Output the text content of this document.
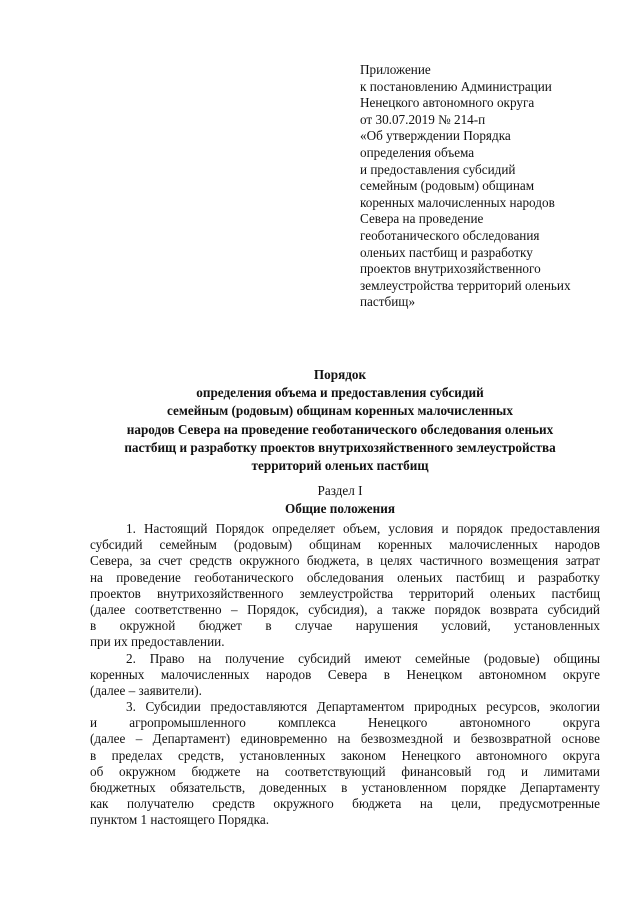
Приложение
к постановлению Администрации
Ненецкого автономного округа
от 30.07.2019 № 214-п
«Об утверждении Порядка
определения объема
и предоставления субсидий
семейным (родовым) общинам
коренных малочисленных народов
Севера на проведение
геоботанического обследования
оленьих пастбищ и разработку
проектов внутрихозяйственного
землеустройства территорий оленьих
пастбищ»
Порядок
определения объема и предоставления субсидий
семейным (родовым) общинам коренных малочисленных
народов Севера на проведение геоботанического обследования оленьих
пастбищ и разработку проектов внутрихозяйственного землеустройства
территорий оленьих пастбищ
Раздел I
Общие положения
1. Настоящий Порядок определяет объем, условия и порядок предоставления
субсидий семейным (родовым) общинам коренных малочисленных народов
Севера, за счет средств окружного бюджета, в целях частичного возмещения затрат
на проведение геоботанического обследования оленьих пастбищ и разработку
проектов внутрихозяйственного землеустройства территорий оленьих пастбищ
(далее соответственно – Порядок, субсидия), а также порядок возврата субсидий
в окружной бюджет в случае нарушения условий, установленных
при их предоставлении.
2. Право на получение субсидий имеют семейные (родовые) общины
коренных малочисленных народов Севера в Ненецком автономном округе
(далее – заявители).
3. Субсидии предоставляются Департаментом природных ресурсов, экологии
и агропромышленного комплекса Ненецкого автономного округа
(далее – Департамент) единовременно на безвозмездной и безвозвратной основе
в пределах средств, установленных законом Ненецкого автономного округа
об окружном бюджете на соответствующий финансовый год и лимитами
бюджетных обязательств, доведенных в установленном порядке Департаменту
как получателю средств окружного бюджета на цели, предусмотренные
пунктом 1 настоящего Порядка.
